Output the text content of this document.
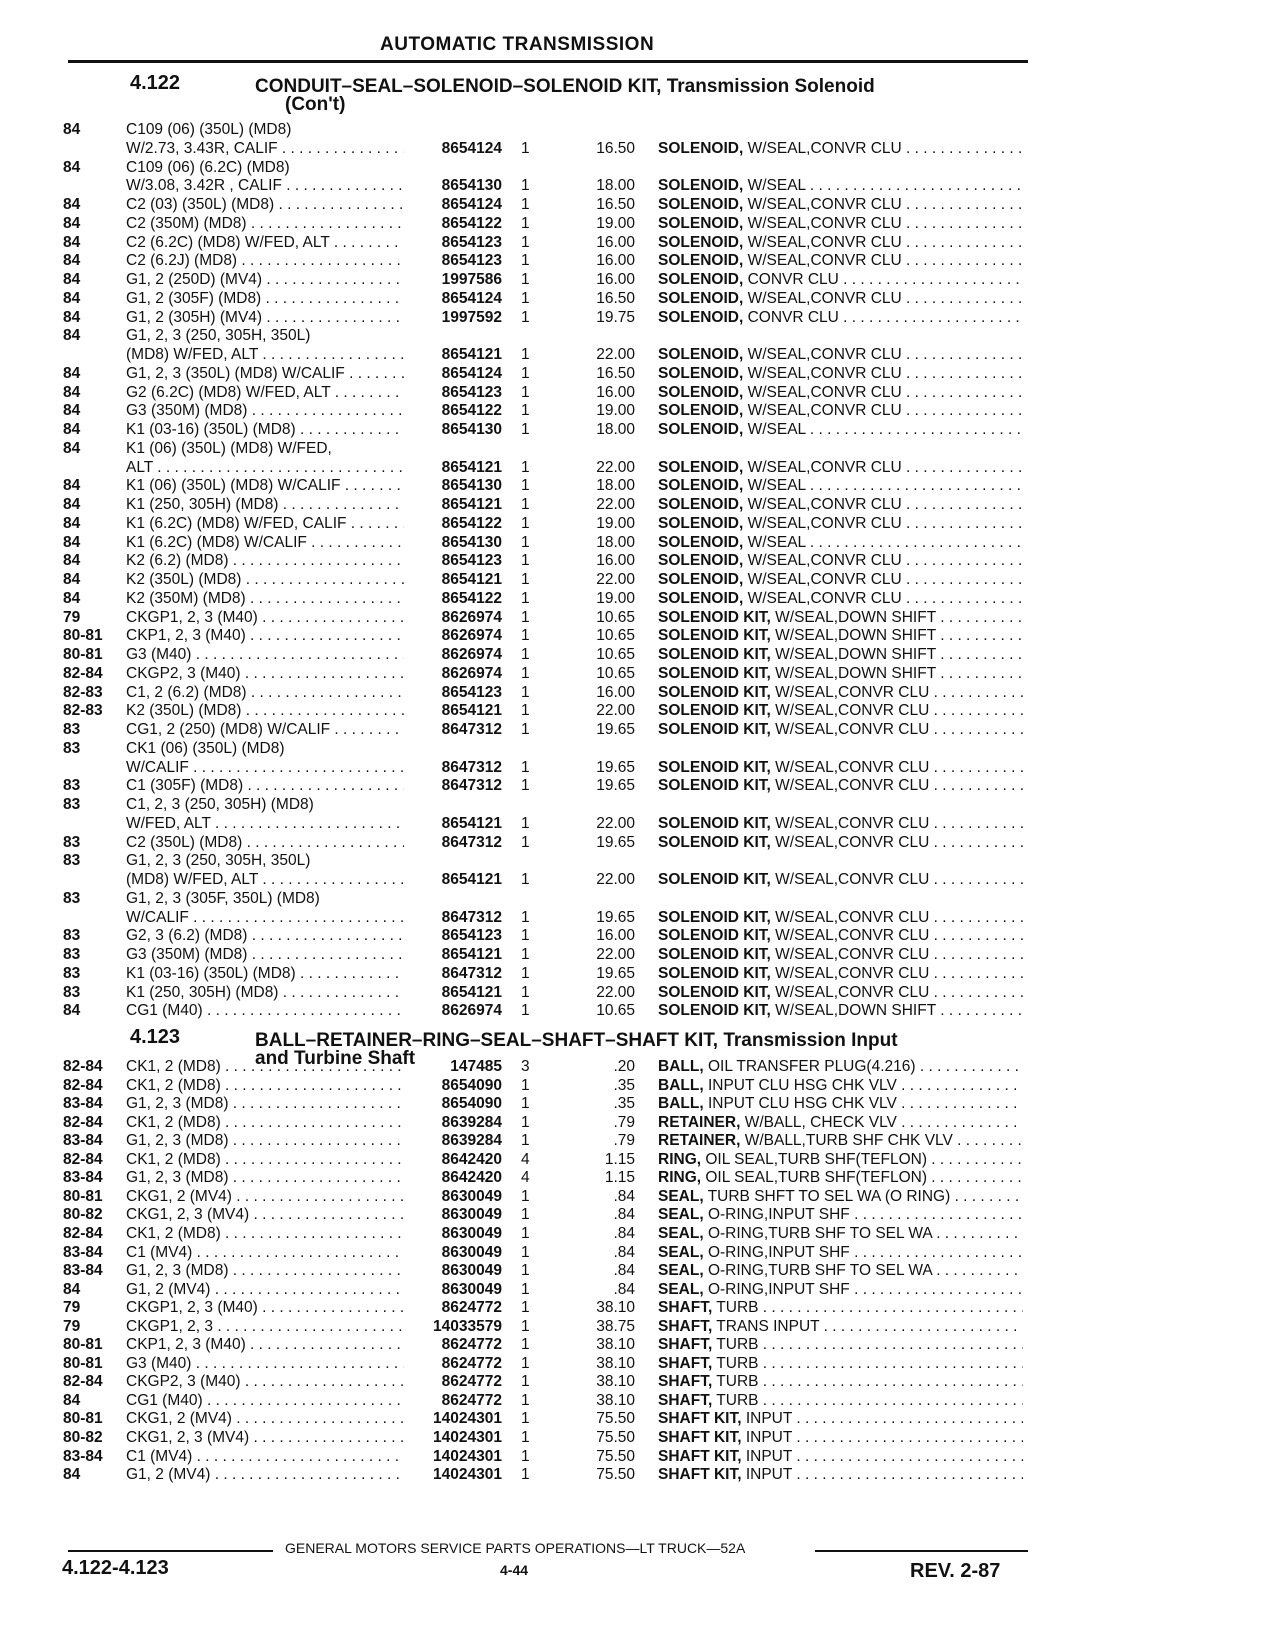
AUTOMATIC TRANSMISSION
4.122	CONDUIT–SEAL–SOLENOID–SOLENOID KIT, Transmission Solenoid
(Con't)
84	C109 (06) (350L) (MD8)
W/2.73, 3.43R, CALIF . . .	8654124 1	16.50 SOLENOID, W/SEAL,CONVR CLU . . .
84	C109 (06) (6.2C) (MD8)
W/3.08, 3.42R , CALIF . . .	8654130 1	18.00 SOLENOID, W/SEAL . . .
84	C2 (03) (350L) (MD8) . . .	8654124 1	16.50 SOLENOID, W/SEAL,CONVR CLU . . .
84	C2 (350M) (MD8) . . .	8654122 1	19.00 SOLENOID, W/SEAL,CONVR CLU . . .
84	C2 (6.2C) (MD8) W/FED, ALT . . .	8654123 1	16.00 SOLENOID, W/SEAL,CONVR CLU . . .
84	C2 (6.2J) (MD8) . . .	8654123 1	16.00 SOLENOID, W/SEAL,CONVR CLU . . .
84	G1, 2 (250D) (MV4) . . .	1997586 1	16.00 SOLENOID, CONVR CLU . . .
84	G1, 2 (305F) (MD8) . . .	8654124 1	16.50 SOLENOID, W/SEAL,CONVR CLU . . .
84	G1, 2 (305H) (MV4) . . .	1997592 1	19.75 SOLENOID, CONVR CLU . . .
84	G1, 2, 3 (250, 305H, 350L)
(MD8) W/FED, ALT . . .	8654121 1	22.00 SOLENOID, W/SEAL,CONVR CLU . . .
84	G1, 2, 3 (350L) (MD8) W/CALIF . . .	8654124 1	16.50 SOLENOID, W/SEAL,CONVR CLU . . .
84	G2 (6.2C) (MD8) W/FED, ALT . . .	8654123 1	16.00 SOLENOID, W/SEAL,CONVR CLU . . .
84	G3 (350M) (MD8) . . .	8654122 1	19.00 SOLENOID, W/SEAL,CONVR CLU . . .
84	K1 (03-16) (350L) (MD8) . . .	8654130 1	18.00 SOLENOID, W/SEAL . . .
84	K1 (06) (350L) (MD8) W/FED,
ALT . . .	8654121 1	22.00 SOLENOID, W/SEAL,CONVR CLU . . .
84	K1 (06) (350L) (MD8) W/CALIF . . .	8654130 1	18.00 SOLENOID, W/SEAL . . .
84	K1 (250, 305H) (MD8) . . .	8654121 1	22.00 SOLENOID, W/SEAL,CONVR CLU . . .
84	K1 (6.2C) (MD8) W/FED, CALIF . . .	8654122 1	19.00 SOLENOID, W/SEAL,CONVR CLU . . .
84	K1 (6.2C) (MD8) W/CALIF . . .	8654130 1	18.00 SOLENOID, W/SEAL . . .
84	K2 (6.2) (MD8) . . .	8654123 1	16.00 SOLENOID, W/SEAL,CONVR CLU . . .
84	K2 (350L) (MD8) . . .	8654121 1	22.00 SOLENOID, W/SEAL,CONVR CLU . . .
84	K2 (350M) (MD8) . . .	8654122 1	19.00 SOLENOID, W/SEAL,CONVR CLU . . .
79	CKGP1, 2, 3 (M40) . . .	8626974 1	10.65 SOLENOID KIT, W/SEAL,DOWN SHIFT . . .
80-81 CKP1, 2, 3 (M40) . . .	8626974 1	10.65 SOLENOID KIT, W/SEAL,DOWN SHIFT . . .
80-81 G3 (M40) . . .	8626974 1	10.65 SOLENOID KIT, W/SEAL,DOWN SHIFT . . .
82-84 CKGP2, 3 (M40) . . .	8626974 1	10.65 SOLENOID KIT, W/SEAL,DOWN SHIFT . . .
82-83 C1, 2 (6.2) (MD8) . . .	8654123 1	16.00 SOLENOID KIT, W/SEAL,CONVR CLU . . .
82-83 K2 (350L) (MD8) . . .	8654121 1	22.00 SOLENOID KIT, W/SEAL,CONVR CLU . . .
83	CG1, 2 (250) (MD8) W/CALIF . . .	8647312 1	19.65 SOLENOID KIT, W/SEAL,CONVR CLU . . .
83	CK1 (06) (350L) (MD8)
W/CALIF . . .	8647312 1	19.65 SOLENOID KIT, W/SEAL,CONVR CLU . . .
83	C1 (305F) (MD8) . . .	8647312 1	19.65 SOLENOID KIT, W/SEAL,CONVR CLU . . .
83	C1, 2, 3 (250, 305H) (MD8)
W/FED, ALT . . .	8654121 1	22.00 SOLENOID KIT, W/SEAL,CONVR CLU . . .
83	C2 (350L) (MD8) . . .	8647312 1	19.65 SOLENOID KIT, W/SEAL,CONVR CLU . . .
83	G1, 2, 3 (250, 305H, 350L)
(MD8) W/FED, ALT . . .	8654121 1	22.00 SOLENOID KIT, W/SEAL,CONVR CLU . . .
83	G1, 2, 3 (305F, 350L) (MD8)
W/CALIF . . .	8647312 1	19.65 SOLENOID KIT, W/SEAL,CONVR CLU . . .
83	G2, 3 (6.2) (MD8) . . .	8654123 1	16.00 SOLENOID KIT, W/SEAL,CONVR CLU . . .
83	G3 (350M) (MD8) . . .	8654121 1	22.00 SOLENOID KIT, W/SEAL,CONVR CLU . . .
83	K1 (03-16) (350L) (MD8) . . .	8647312 1	19.65 SOLENOID KIT, W/SEAL,CONVR CLU . . .
83	K1 (250, 305H) (MD8) . . .	8654121 1	22.00 SOLENOID KIT, W/SEAL,CONVR CLU . . .
84	CG1 (M40) . . .	8626974 1	10.65 SOLENOID KIT, W/SEAL,DOWN SHIFT . . .
4.123	BALL–RETAINER–RING–SEAL–SHAFT–SHAFT KIT, Transmission Input
and Turbine Shaft
82-84 CK1, 2 (MD8) . . .	147485 3	.20 BALL, OIL TRANSFER PLUG(4.216) . . .
82-84 CK1, 2 (MD8) . . .	8654090 1	.35 BALL, INPUT CLU HSG CHK VLV . . .
83-84 G1, 2, 3 (MD8) . . .	8654090 1	.35 BALL, INPUT CLU HSG CHK VLV . . .
82-84 CK1, 2 (MD8) . . .	8639284 1	.79 RETAINER, W/BALL, CHECK VLV . . .
83-84 G1, 2, 3 (MD8) . . .	8639284 1	.79 RETAINER, W/BALL,TURB SHF CHK VLV . . .
82-84 CK1, 2 (MD8) . . .	8642420 4	1.15 RING, OIL SEAL,TURB SHF(TEFLON) . . .
83-84 G1, 2, 3 (MD8) . . .	8642420 4	1.15 RING, OIL SEAL,TURB SHF(TEFLON) . . .
80-81 CKG1, 2 (MV4) . . .	8630049 1	.84 SEAL, TURB SHFT TO SEL WA (O RING) . . .
80-82 CKG1, 2, 3 (MV4) . . .	8630049 1	.84 SEAL, O-RING,INPUT SHF . . .
82-84 CK1, 2 (MD8) . . .	8630049 1	.84 SEAL, O-RING,TURB SHF TO SEL WA . . .
83-84 C1 (MV4) . . .	8630049 1	.84 SEAL, O-RING,INPUT SHF . . .
83-84 G1, 2, 3 (MD8) . . .	8630049 1	.84 SEAL, O-RING,TURB SHF TO SEL WA . . .
84	G1, 2 (MV4) . . .	8630049 1	.84 SEAL, O-RING,INPUT SHF . . .
79	CKGP1, 2, 3 (M40) . . .	8624772 1	38.10 SHAFT, TURB . . .
79	CKGP1, 2, 3 . . .	14033579 1	38.75 SHAFT, TRANS INPUT . . .
80-81 CKP1, 2, 3 (M40) . . .	8624772 1	38.10 SHAFT, TURB . . .
80-81 G3 (M40) . . .	8624772 1	38.10 SHAFT, TURB . . .
82-84 CKGP2, 3 (M40) . . .	8624772 1	38.10 SHAFT, TURB . . .
84	CG1 (M40) . . .	8624772 1	38.10 SHAFT, TURB . . .
80-81 CKG1, 2 (MV4) . . .	14024301 1	75.50 SHAFT KIT, INPUT . . .
80-82 CKG1, 2, 3 (MV4) . . .	14024301 1	75.50 SHAFT KIT, INPUT . . .
83-84 C1 (MV4) . . .	14024301 1	75.50 SHAFT KIT, INPUT . . .
84	G1, 2 (MV4) . . .	14024301 1	75.50 SHAFT KIT, INPUT . . .
GENERAL MOTORS SERVICE PARTS OPERATIONS—LT TRUCK—52A
4.122-4.123	4-44	REV. 2-87
